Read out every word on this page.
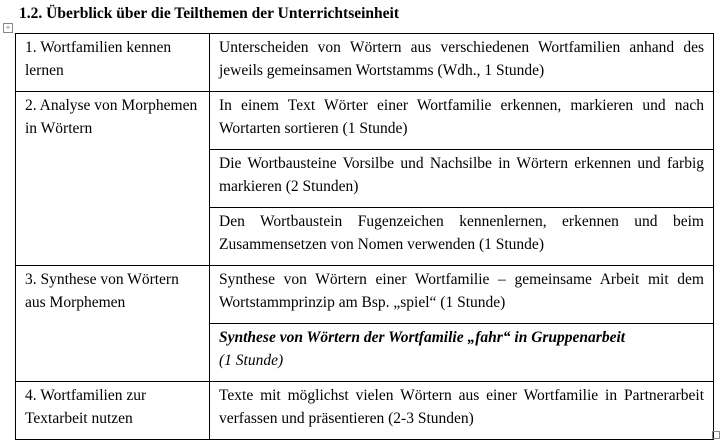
1.2. Überblick über die Teilthemen der Unterrichtseinheit
+
1. Wortfamilien kennen lernen	Unterscheiden von Wörtern aus verschiedenen Wortfamilien anhand des jeweils gemeinsamen Wortstamms (Wdh., 1 Stunde)
2. Analyse von Morphemen in Wörtern	In einem Text Wörter einer Wortfamilie erkennen, markieren und nach Wortarten sortieren (1 Stunde)
	Die Wortbausteine Vorsilbe und Nachsilbe in Wörtern erkennen und farbig markieren (2 Stunden)
	Den Wortbaustein Fugenzeichen kennenlernen, erkennen und beim Zusammensetzen von Nomen verwenden (1 Stunde)
3. Synthese von Wörtern aus Morphemen	Synthese von Wörtern einer Wortfamilie – gemeinsame Arbeit mit dem Wortstammprinzip am Bsp. „spiel“ (1 Stunde)
	Synthese von Wörtern der Wortfamilie „fahr“ in Gruppenarbeit
(1 Stunde)
4. Wortfamilien zur Textarbeit nutzen	Texte mit möglichst vielen Wörtern aus einer Wortfamilie in Partnerarbeit verfassen und präsentieren (2-3 Stunden)
